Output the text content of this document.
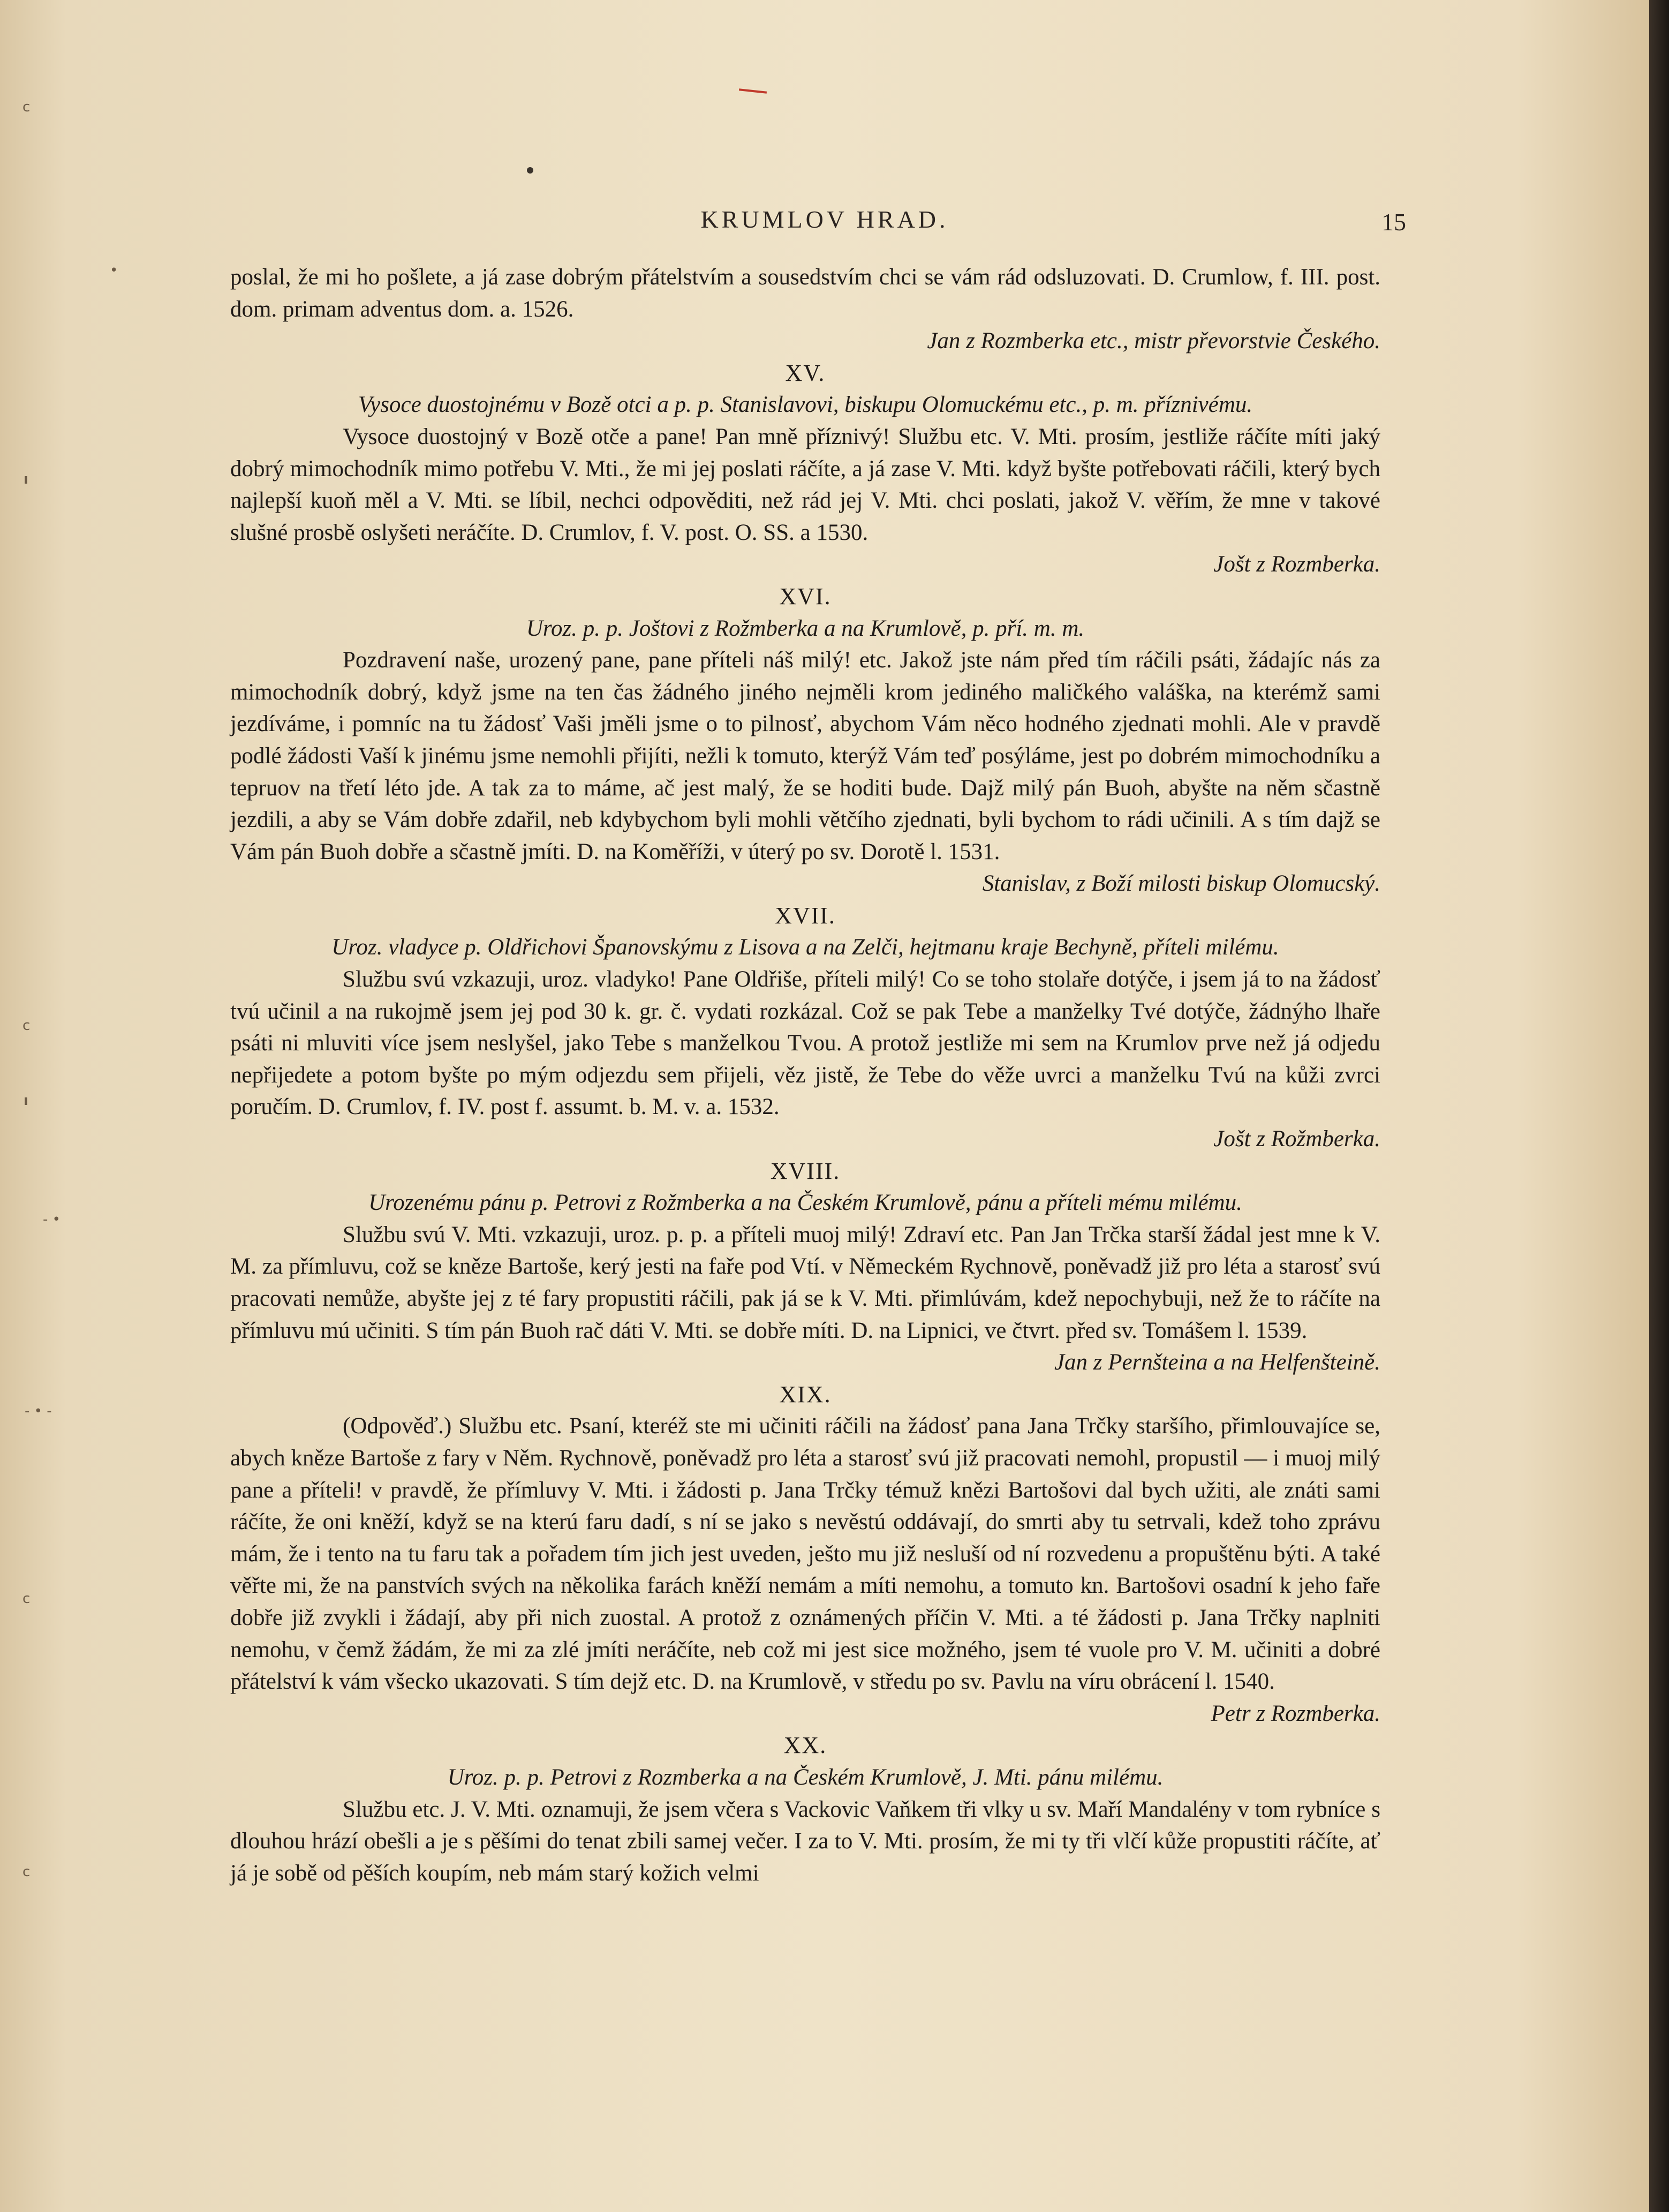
c
•
ı
ı
c
- •
- • -
c
c
KRUMLOV HRAD.	15

poslal, že mi ho pošlete, a já zase dobrým přátelstvím a sousedstvím chci se vám rád odsluzovati. D. Crumlow, f. III. post. dom. primam adventus dom. a. 1526.

Jan z Rozmberka etc., mistr převorstvie Českého.

XV.

Vysoce duostojnému v Bozě otci a p. p. Stanislavovi, biskupu Olomuckému etc., p. m. příznivému.

Vysoce duostojný v Bozě otče a pane! Pan mně příznivý! Službu etc. V. Mti. prosím, jestliže ráčíte míti jaký dobrý mimochodník mimo potřebu V. Mti., že mi jej poslati ráčíte, a já zase V. Mti. když byšte potřebovati ráčili, který bych najlepší kuoň měl a V. Mti. se líbil, nechci odpověditi, než rád jej V. Mti. chci poslati, jakož V. věřím, že mne v takové slušné prosbě oslyšeti neráčíte. D. Crumlov, f. V. post. O. SS. a 1530.

Jošt z Rozmberka.

XVI.

Uroz. p. p. Joštovi z Rožmberka a na Krumlově, p. pří. m. m.

Pozdravení naše, urozený pane, pane příteli náš milý! etc. Jakož jste nám před tím ráčili psáti, žádajíc nás za mimochodník dobrý, když jsme na ten čas žádného jiného nejměli krom jediného maličkého valáška, na kterémž sami jezdíváme, i pomníc na tu žádosť Vaši jměli jsme o to pilnosť, abychom Vám něco hodného zjednati mohli. Ale v pravdě podlé žádosti Vaší k jinému jsme nemohli přijíti, nežli k tomuto, kterýž Vám teď posýláme, jest po dobrém mimochodníku a tepruov na třetí léto jde. A tak za to máme, ač jest malý, že se hoditi bude. Dajž milý pán Buoh, abyšte na něm sčastně jezdili, a aby se Vám dobře zdařil, neb kdybychom byli mohli větčího zjednati, byli bychom to rádi učinili. A s tím dajž se Vám pán Buoh dobře a sčastně jmíti. D. na Koměříži, v úterý po sv. Dorotě l. 1531.

Stanislav, z Boží milosti biskup Olomucský.

XVII.

Uroz. vladyce p. Oldřichovi Španovskýmu z Lisova a na Zelči, hejtmanu kraje Bechyně, příteli milému.

Službu svú vzkazuji, uroz. vladyko! Pane Oldřiše, příteli milý! Co se toho stolaře dotýče, i jsem já to na žádosť tvú učinil a na rukojmě jsem jej pod 30 k. gr. č. vydati rozkázal. Což se pak Tebe a manželky Tvé dotýče, žádnýho lhaře psáti ni mluviti více jsem neslyšel, jako Tebe s manželkou Tvou. A protož jestliže mi sem na Krumlov prve než já odjedu nepřijedete a potom byšte po mým odjezdu sem přijeli, věz jistě, že Tebe do věže uvrci a manželku Tvú na kůži zvrci poručím. D. Crumlov, f. IV. post f. assumt. b. M. v. a. 1532.

Jošt z Rožmberka.

XVIII.

Urozenému pánu p. Petrovi z Rožmberka a na Českém Krumlově, pánu a příteli mému milému.

Službu svú V. Mti. vzkazuji, uroz. p. p. a příteli muoj milý! Zdraví etc. Pan Jan Trčka starší žádal jest mne k V. M. za přímluvu, což se kněze Bartoše, kerý jesti na faře pod Vtí. v Německém Rychnově, poněvadž již pro léta a starosť svú pracovati nemůže, abyšte jej z té fary propustiti ráčili, pak já se k V. Mti. přimlúvám, kdež nepochybuji, než že to ráčíte na přímluvu mú učiniti. S tím pán Buoh rač dáti V. Mti. se dobře míti. D. na Lipnici, ve čtvrt. před sv. Tomášem l. 1539.

Jan z Pernšteina a na Helfenšteině.

XIX.

(Odpověď.) Službu etc. Psaní, kteréž ste mi učiniti ráčili na žádosť pana Jana Trčky staršího, přimlouvajíce se, abych kněze Bartoše z fary v Něm. Rychnově, poněvadž pro léta a starosť svú již pracovati nemohl, propustil — i muoj milý pane a příteli! v pravdě, že přímluvy V. Mti. i žádosti p. Jana Trčky témuž knězi Bartošovi dal bych užiti, ale znáti sami ráčíte, že oni kněží, když se na kterú faru dadí, s ní se jako s nevěstú oddávají, do smrti aby tu setrvali, kdež toho zprávu mám, že i tento na tu faru tak a pořadem tím jich jest uveden, ješto mu již nesluší od ní rozvedenu a propuštěnu býti. A také věřte mi, že na panstvích svých na několika farách kněží nemám a míti nemohu, a tomuto kn. Bartošovi osadní k jeho faře dobře již zvykli i žádají, aby při nich zuostal. A protož z oznámených příčin V. Mti. a té žádosti p. Jana Trčky naplniti nemohu, v čemž žádám, že mi za zlé jmíti neráčíte, neb což mi jest sice možného, jsem té vuole pro V. M. učiniti a dobré přátelství k vám všecko ukazovati. S tím dejž etc. D. na Krumlově, v středu po sv. Pavlu na víru obrácení l. 1540.

Petr z Rozmberka.

XX.

Uroz. p. p. Petrovi z Rozmberka a na Českém Krumlově, J. Mti. pánu milému.

Službu etc. J. V. Mti. oznamuji, že jsem včera s Vackovic Vaňkem tři vlky u sv. Maří Mandalény v tom rybníce s dlouhou hrází obešli a je s pěšími do tenat zbili samej večer. I za to V. Mti. prosím, že mi ty tři vlčí kůže propustiti ráčíte, ať já je sobě od pěších koupím, neb mám starý kožich velmi
